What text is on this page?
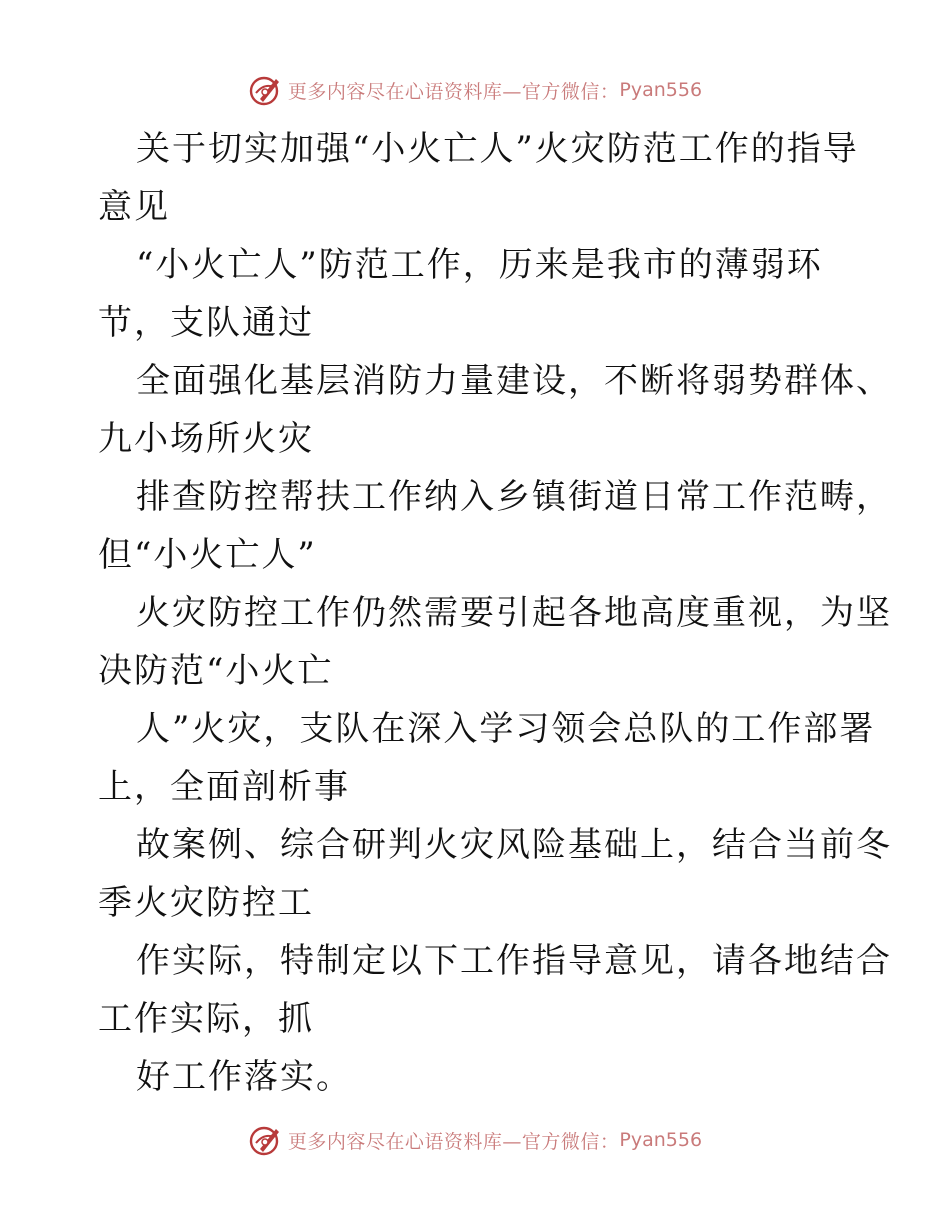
更多内容尽在心语资料库—官方微信： Pyan556
关于切实加强“小火亡人”火灾防范工作的指导
意见
“小火亡人”防范工作，历来是我市的薄弱环
节，支队通过
全面强化基层消防力量建设，不断将弱势群体、
九小场所火灾
排查防控帮扶工作纳入乡镇街道日常工作范畴，
但“小火亡人”
火灾防控工作仍然需要引起各地高度重视，为坚
决防范“小火亡
人”火灾，支队在深入学习领会总队的工作部署
上，全面剖析事
故案例、综合研判火灾风险基础上，结合当前冬
季火灾防控工
作实际，特制定以下工作指导意见，请各地结合
工作实际，抓
好工作落实。
更多内容尽在心语资料库—官方微信： Pyan556
